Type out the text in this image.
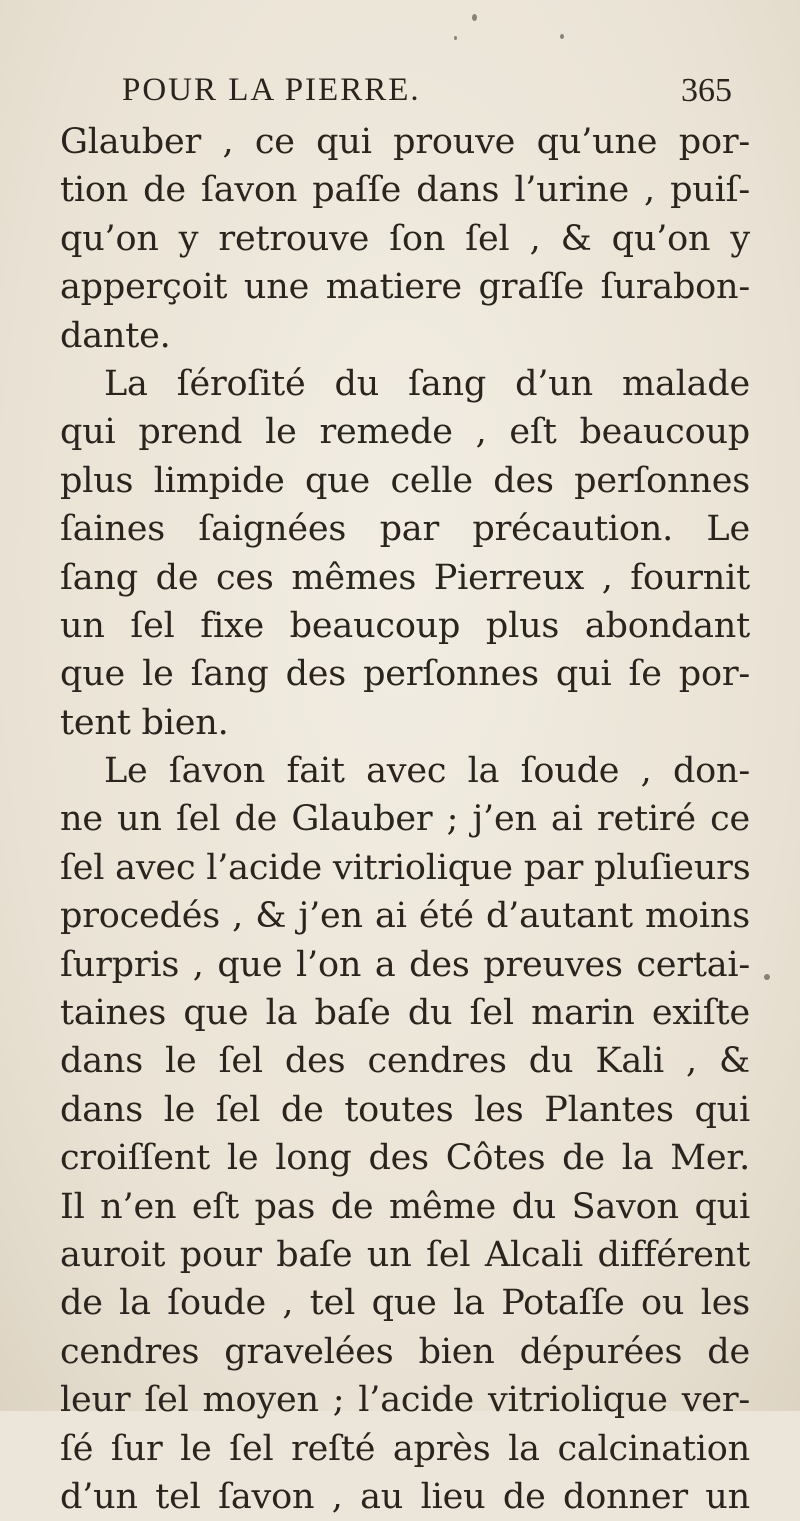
POUR LA PIERRE.	365
Glauber , ce qui prouve qu’une por-
tion de ſavon paſſe dans l’urine , puiſ-
qu’on y retrouve ſon ſel , & qu’on y
apperçoit une matiere graſſe ſurabon-
dante.
La ſéroſité du ſang d’un malade
qui prend le remede , eſt beaucoup
plus limpide que celle des perſonnes
ſaines ſaignées par précaution. Le
ſang de ces mêmes Pierreux , fournit
un ſel fixe beaucoup plus abondant
que le ſang des perſonnes qui ſe por-
tent bien.
Le ſavon fait avec la ſoude , don-
ne un ſel de Glauber ; j’en ai retiré ce
ſel avec l’acide vitriolique par pluſieurs
procedés , & j’en ai été d’autant moins
ſurpris , que l’on a des preuves certai-
taines que la baſe du ſel marin exiſte
dans le ſel des cendres du Kali , &
dans le ſel de toutes les Plantes qui
croiſſent le long des Côtes de la Mer.
Il n’en eſt pas de même du Savon qui
auroit pour baſe un ſel Alcali différent
de la ſoude , tel que la Potaſſe ou les
cendres gravelées bien dépurées de
leur ſel moyen ; l’acide vitriolique ver-
ſé ſur le ſel reſté après la calcination
d’un tel ſavon , au lieu de donner un
